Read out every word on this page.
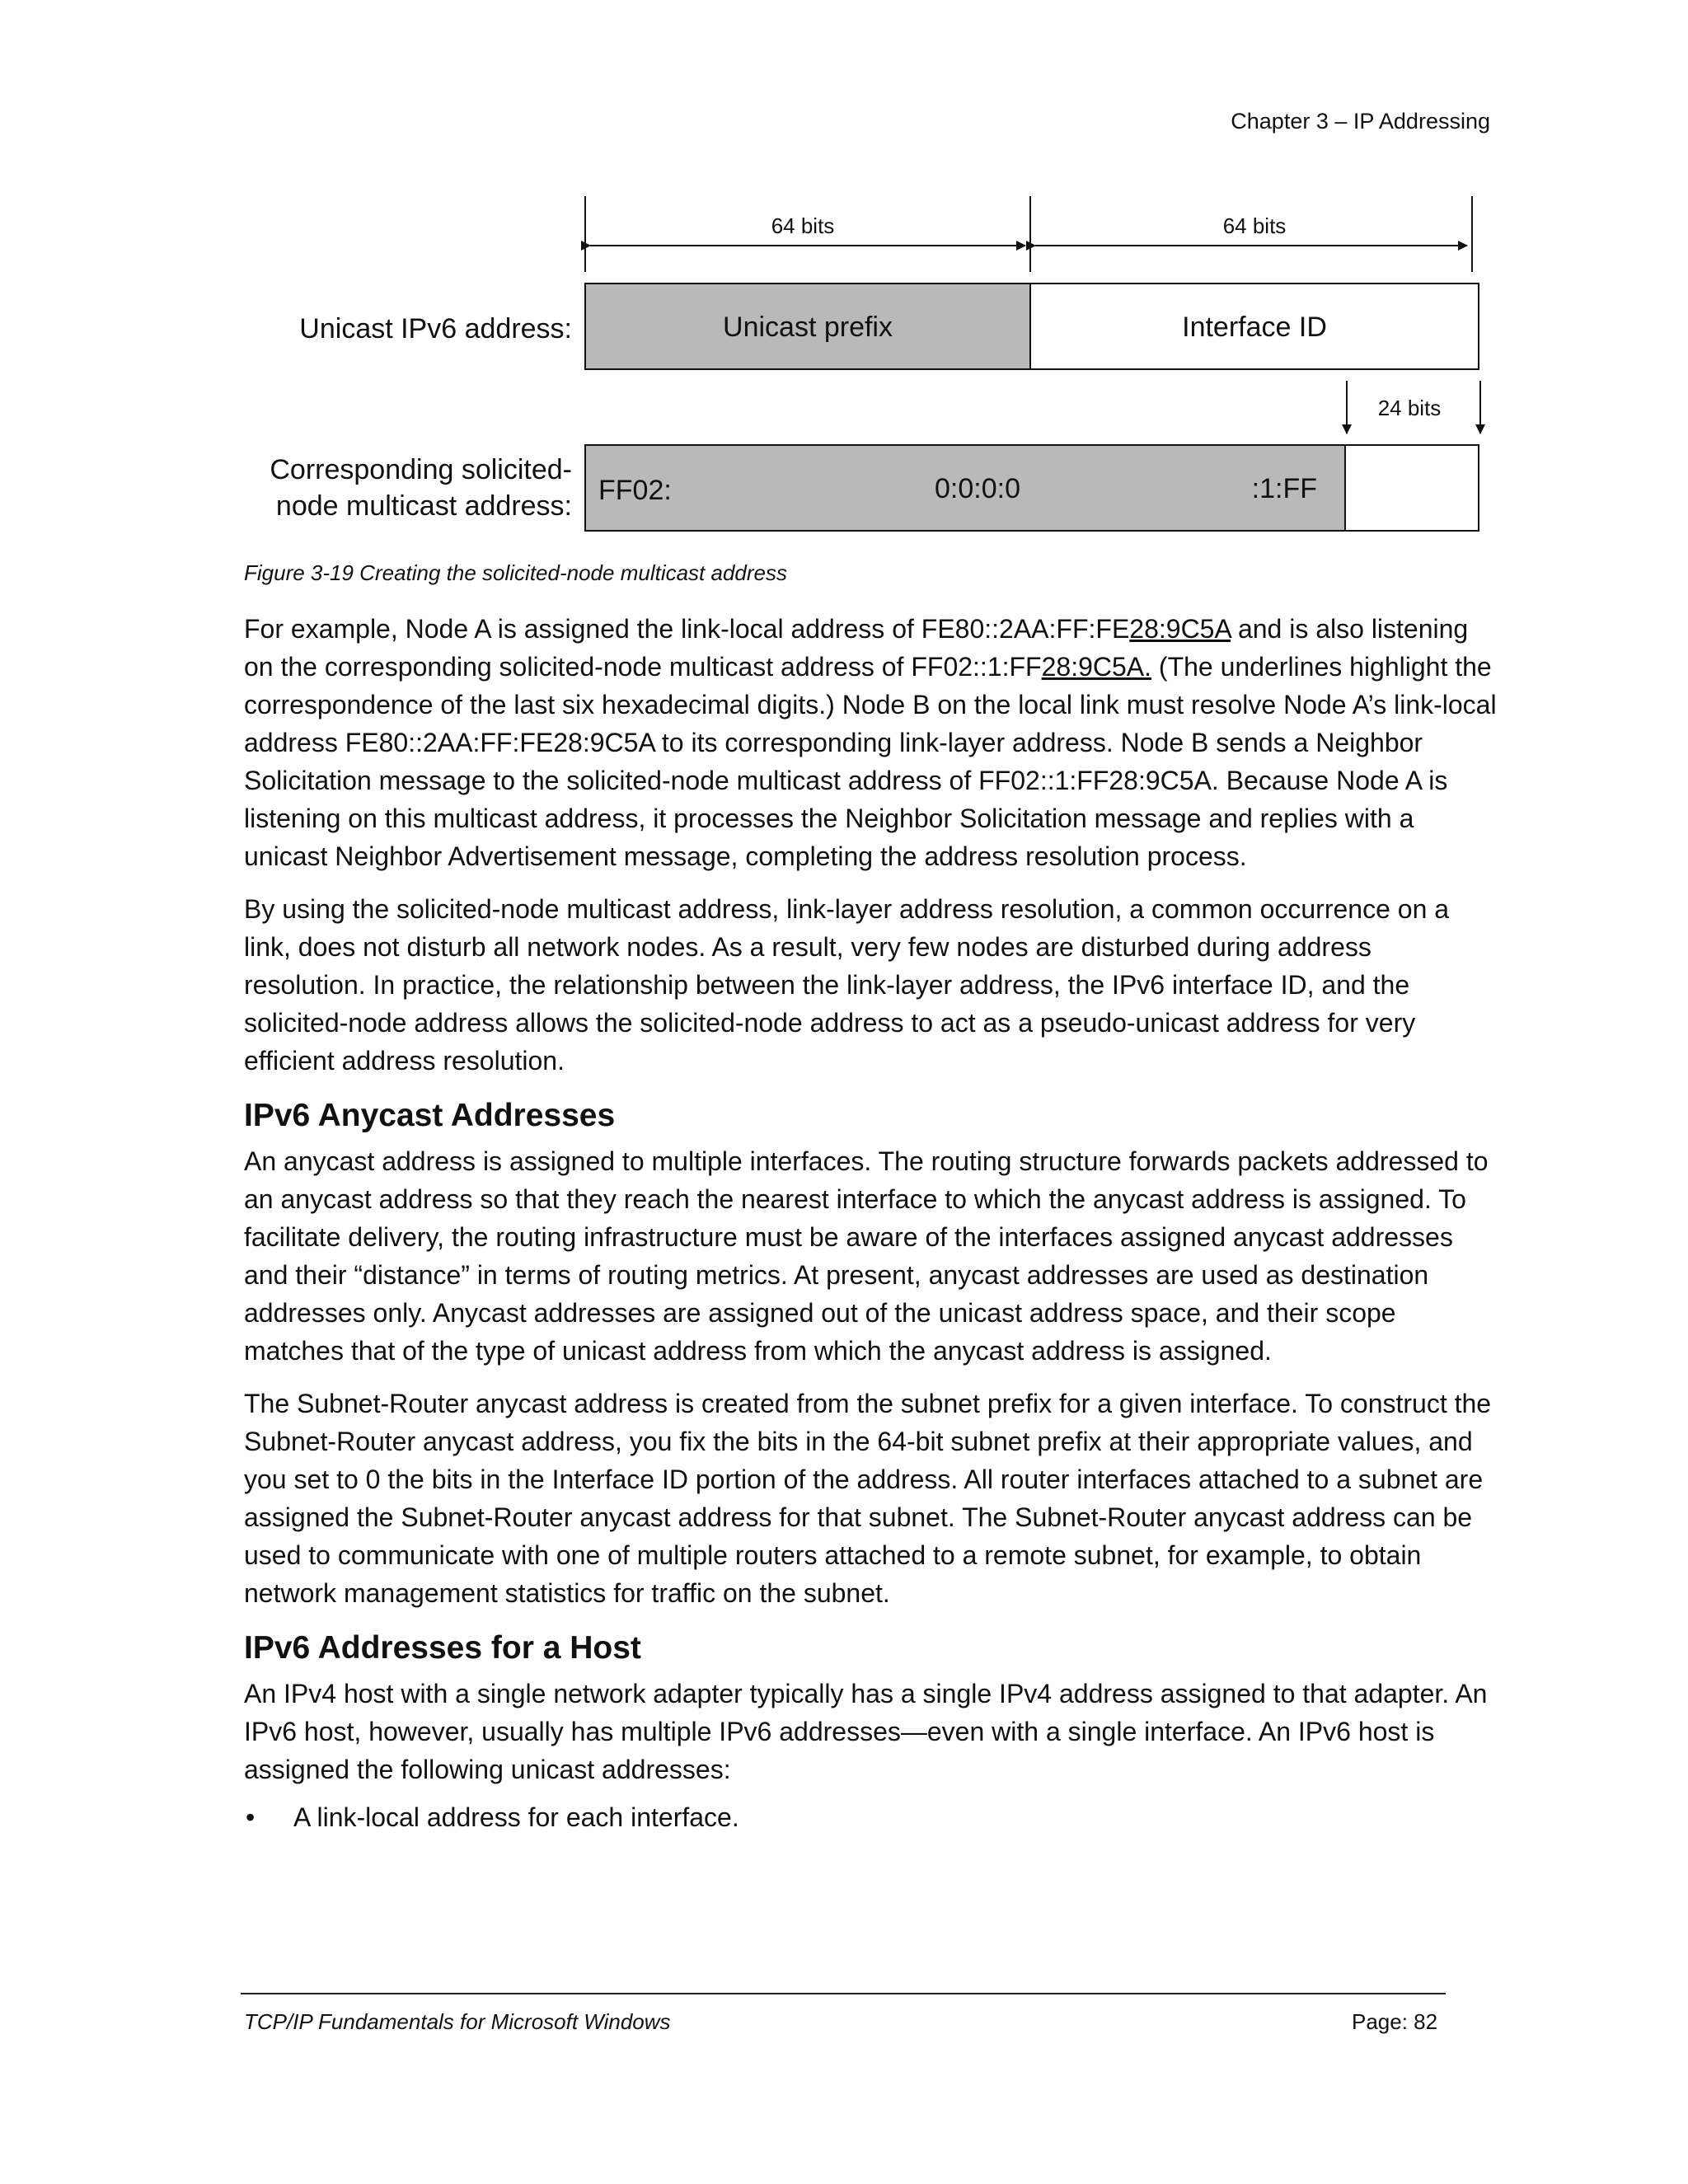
Chapter 3 – IP Addressing
64 bits	64 bits
Unicast IPv6 address:	Unicast prefix	Interface ID
24 bits
Corresponding solicited-
node multicast address: FF02:	0:0:0:0	:1:FF
Figure 3-19 Creating the solicited-node multicast address

For example, Node A is assigned the link-local address of FE80::2AA:FF:FE28:9C5A and is also listening on the corresponding solicited-node multicast address of FF02::1:FF28:9C5A. (The underlines highlight the correspondence of the last six hexadecimal digits.) Node B on the local link must resolve Node A’s link-local address FE80::2AA:FF:FE28:9C5A to its corresponding link-layer address. Node B sends a Neighbor Solicitation message to the solicited-node multicast address of FF02::1:FF28:9C5A. Because Node A is listening on this multicast address, it processes the Neighbor Solicitation message and replies with a unicast Neighbor Advertisement message, completing the address resolution process.

By using the solicited-node multicast address, link-layer address resolution, a common occurrence on a link, does not disturb all network nodes. As a result, very few nodes are disturbed during address resolution. In practice, the relationship between the link-layer address, the IPv6 interface ID, and the solicited-node address allows the solicited-node address to act as a pseudo-unicast address for very efficient address resolution.

IPv6 Anycast Addresses

An anycast address is assigned to multiple interfaces. The routing structure forwards packets addressed to an anycast address so that they reach the nearest interface to which the anycast address is assigned. To facilitate delivery, the routing infrastructure must be aware of the interfaces assigned anycast addresses and their “distance” in terms of routing metrics. At present, anycast addresses are used as destination addresses only. Anycast addresses are assigned out of the unicast address space, and their scope matches that of the type of unicast address from which the anycast address is assigned.

The Subnet-Router anycast address is created from the subnet prefix for a given interface. To construct the Subnet-Router anycast address, you fix the bits in the 64-bit subnet prefix at their appropriate values, and you set to 0 the bits in the Interface ID portion of the address. All router interfaces attached to a subnet are assigned the Subnet-Router anycast address for that subnet. The Subnet-Router anycast address can be used to communicate with one of multiple routers attached to a remote subnet, for example, to obtain network management statistics for traffic on the subnet.

IPv6 Addresses for a Host

An IPv4 host with a single network adapter typically has a single IPv4 address assigned to that adapter. An IPv6 host, however, usually has multiple IPv6 addresses—even with a single interface. An IPv6 host is assigned the following unicast addresses:

• A link-local address for each interface.
TCP/IP Fundamentals for Microsoft Windows	Page: 82
